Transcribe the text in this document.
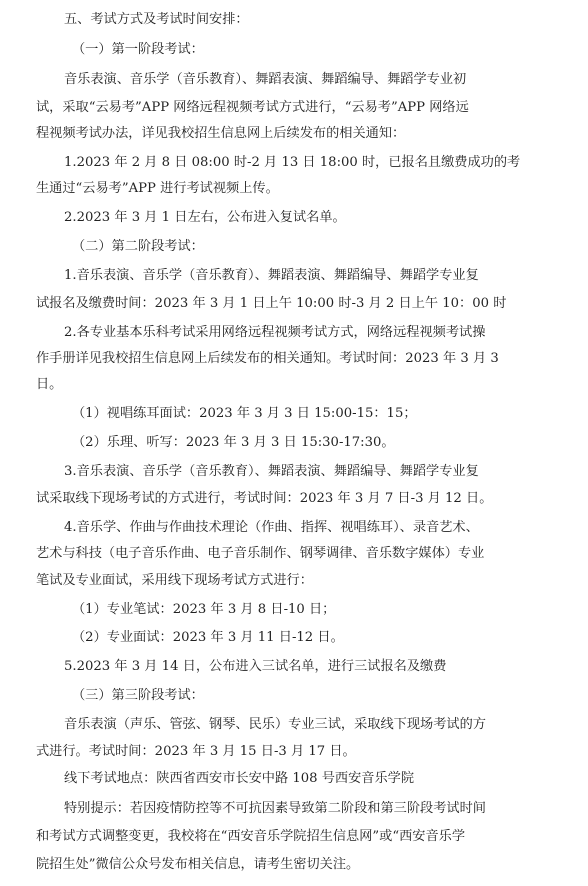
五、考试方式及考试时间安排：
（一）第一阶段考试：
音乐表演、音乐学（音乐教育）、舞蹈表演、舞蹈编导、舞蹈学专业初
试，采取“云易考”APP 网络远程视频考试方式进行，“云易考”APP 网络远
程视频考试办法，详见我校招生信息网上后续发布的相关通知：
1.2023 年 2 月 8 日 08:00 时-2 月 13 日 18:00 时，已报名且缴费成功的考
生通过“云易考”APP 进行考试视频上传。
2.2023 年 3 月 1 日左右，公布进入复试名单。
（二）第二阶段考试：
1.音乐表演、音乐学（音乐教育）、舞蹈表演、舞蹈编导、舞蹈学专业复
试报名及缴费时间：2023 年 3 月 1 日上午 10:00 时-3 月 2 日上午 10：00 时
2.各专业基本乐科考试采用网络远程视频考试方式，网络远程视频考试操
作手册详见我校招生信息网上后续发布的相关通知。考试时间：2023 年 3 月 3
日。
（1）视唱练耳面试：2023 年 3 月 3 日 15:00-15：15；
（2）乐理、听写：2023 年 3 月 3 日 15:30-17:30。
3.音乐表演、音乐学（音乐教育）、舞蹈表演、舞蹈编导、舞蹈学专业复
试采取线下现场考试的方式进行，考试时间：2023 年 3 月 7 日-3 月 12 日。
4.音乐学、作曲与作曲技术理论（作曲、指挥、视唱练耳）、录音艺术、
艺术与科技（电子音乐作曲、电子音乐制作、钢琴调律、音乐数字媒体）专业
笔试及专业面试，采用线下现场考试方式进行：
（1）专业笔试：2023 年 3 月 8 日-10 日；
（2）专业面试：2023 年 3 月 11 日-12 日。
5.2023 年 3 月 14 日，公布进入三试名单，进行三试报名及缴费
（三）第三阶段考试：
音乐表演（声乐、管弦、钢琴、民乐）专业三试，采取线下现场考试的方
式进行。考试时间：2023 年 3 月 15 日-3 月 17 日。
线下考试地点：陕西省西安市长安中路 108 号西安音乐学院
特别提示：若因疫情防控等不可抗因素导致第二阶段和第三阶段考试时间
和考试方式调整变更，我校将在“西安音乐学院招生信息网”或“西安音乐学
院招生处”微信公众号发布相关信息，请考生密切关注。
